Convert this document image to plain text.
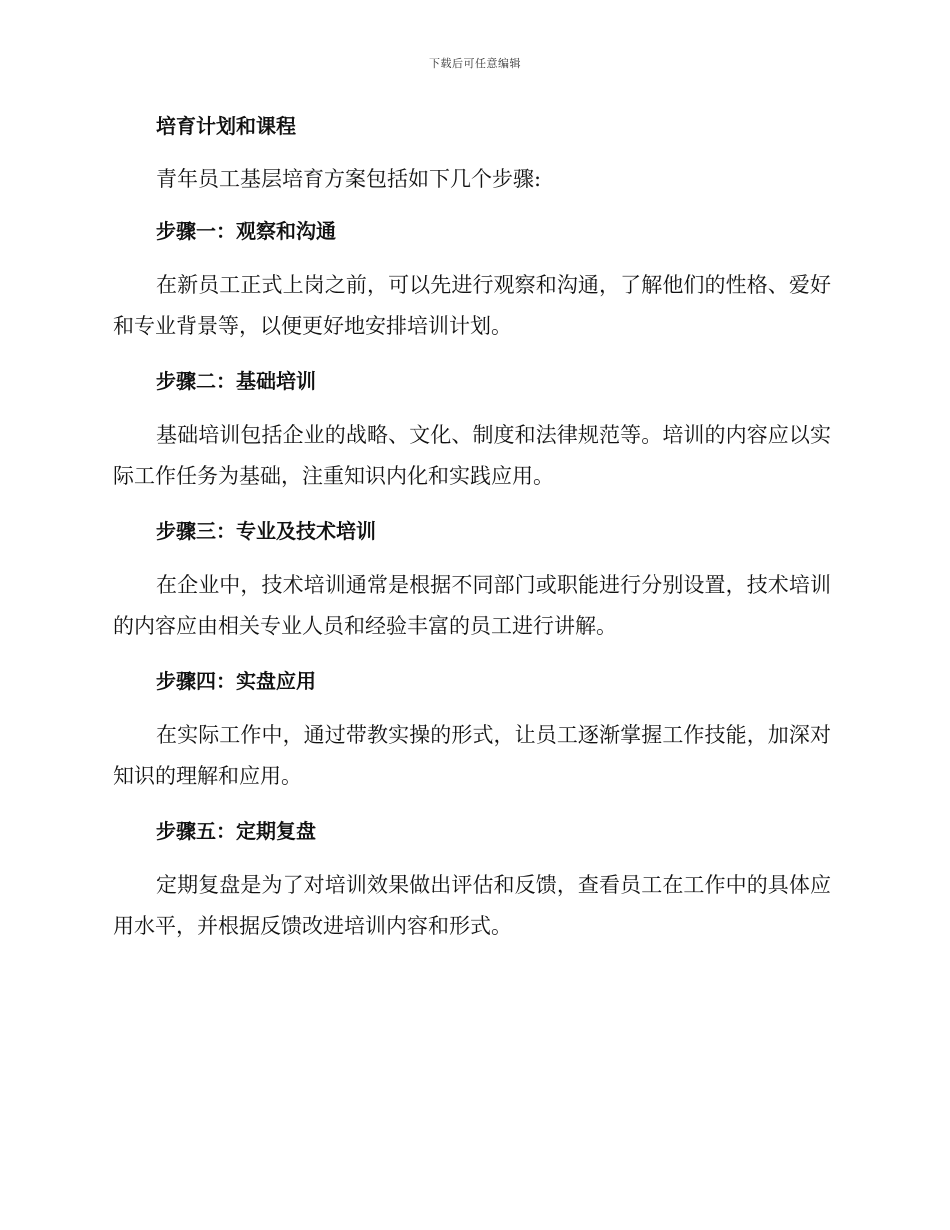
下载后可任意编辑

培育计划和课程

青年员工基层培育方案包括如下几个步骤:

步骤一：观察和沟通

在新员工正式上岗之前，可以先进行观察和沟通，了解他们的性格、爱好和专业背景等，以便更好地安排培训计划。

步骤二：基础培训

基础培训包括企业的战略、文化、制度和法律规范等。培训的内容应以实际工作任务为基础，注重知识内化和实践应用。

步骤三：专业及技术培训

在企业中，技术培训通常是根据不同部门或职能进行分别设置，技术培训的内容应由相关专业人员和经验丰富的员工进行讲解。

步骤四：实盘应用

在实际工作中，通过带教实操的形式，让员工逐渐掌握工作技能，加深对知识的理解和应用。

步骤五：定期复盘

定期复盘是为了对培训效果做出评估和反馈，查看员工在工作中的具体应用水平，并根据反馈改进培训内容和形式。
